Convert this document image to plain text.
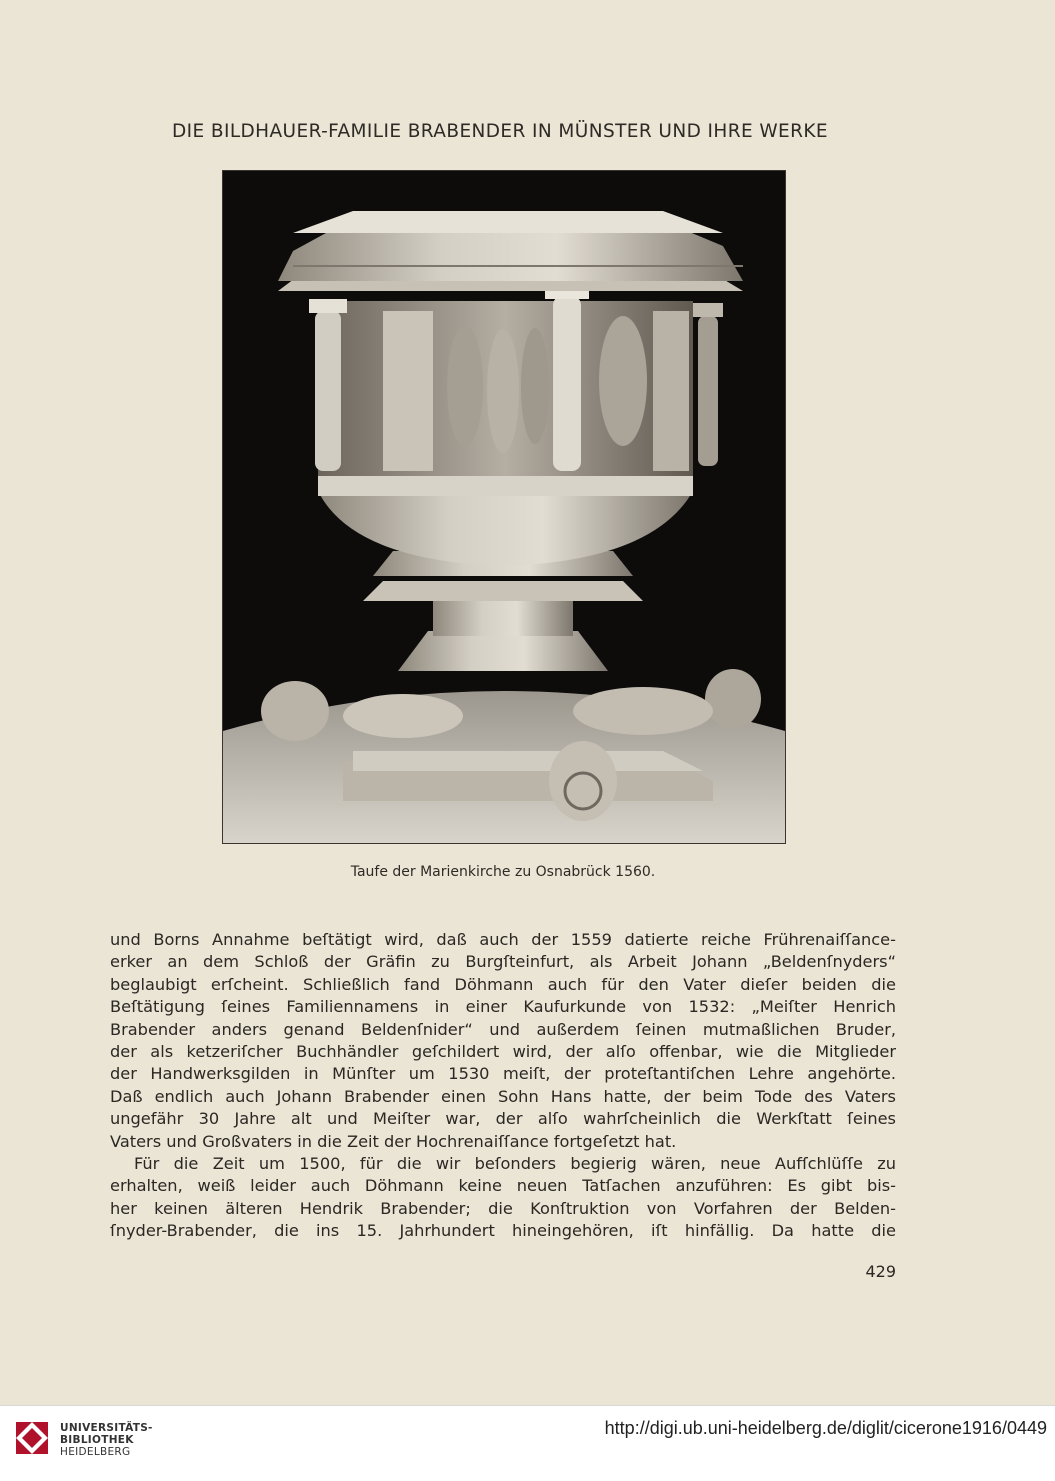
DIE BILDHAUER-FAMILIE BRABENDER IN MÜNSTER UND IHRE WERKE
Taufe der Marienkirche zu Osnabrück 1560.
und Borns Annahme beſtätigt wird, daß auch der 1559 datierte reiche Frührenaiſſance-
erker an dem Schloß der Gräfin zu Burgſteinfurt, als Arbeit Johann „Beldenſnyders“
beglaubigt erſcheint. Schließlich fand Döhmann auch für den Vater dieſer beiden die
Beſtätigung ſeines Familiennamens in einer Kaufurkunde von 1532: „Meiſter Henrich
Brabender anders genand Beldenſnider“ und außerdem ſeinen mutmaßlichen Bruder,
der als ketzeriſcher Buchhändler geſchildert wird, der alſo offenbar, wie die Mitglieder
der Handwerksgilden in Münſter um 1530 meiſt, der proteſtantiſchen Lehre angehörte.
Daß endlich auch Johann Brabender einen Sohn Hans hatte, der beim Tode des Vaters
ungefähr 30 Jahre alt und Meiſter war, der alſo wahrſcheinlich die Werkſtatt ſeines
Vaters und Großvaters in die Zeit der Hochrenaiſſance fortgeſetzt hat.
Für die Zeit um 1500, für die wir beſonders begierig wären, neue Aufſchlüſſe zu
erhalten, weiß leider auch Döhmann keine neuen Tatſachen anzuführen: Es gibt bis-
her keinen älteren Hendrik Brabender; die Konſtruktion von Vorfahren der Belden-
ſnyder-Brabender, die ins 15. Jahrhundert hineingehören, iſt hinfällig. Da hatte die
429
UNIVERSITÄTS-
BIBLIOTHEK
HEIDELBERG
http://digi.ub.uni-heidelberg.de/diglit/cicerone1916/0449
